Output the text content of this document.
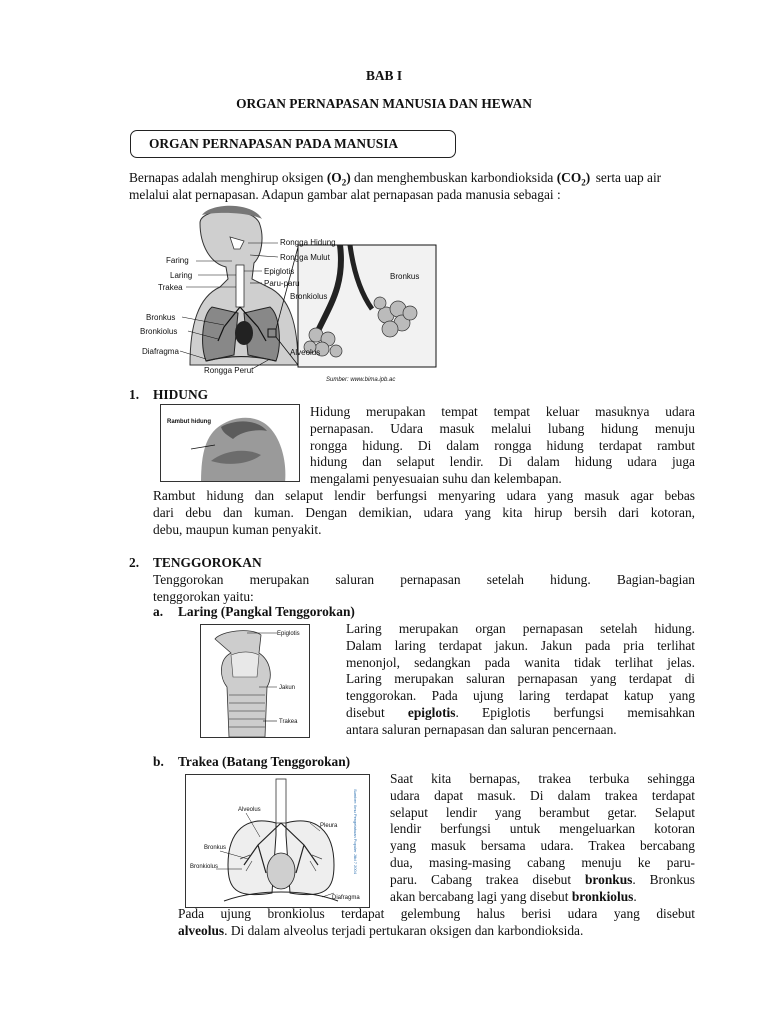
BAB I
ORGAN PERNAPASAN MANUSIA DAN HEWAN
ORGAN PERNAPASAN PADA MANUSIA
Bernapas adalah menghirup oksigen $(O_2)$ dan menghembuskan karbondioksida $(CO_2)$ serta uap air melalui alat pernapasan. Adapun gambar alat pernapasan pada manusia sebagai :
Rongga Hidung
Faring	Rongga Mulut
Laring	Epiglotis
Trakea	Paru-paru
Bronkus
Bronkiolus
Bronkus
Bronkiolus
Diafragma	Alveolus
Rongga Perut
Sumber: www.bima.ipb.ac
1. HIDUNG
Rambut hidung
Hidung merupakan tempat tempat keluar masuknya udara
pernapasan. Udara masuk melalui lubang hidung menuju
rongga hidung. Di dalam rongga hidung terdapat rambut
hidung dan selaput lendir. Di dalam hidung udara juga
mengalami penyesuaian suhu dan kelembapan.
Rambut hidung dan selaput lendir berfungsi menyaring udara yang masuk agar bebas
dari debu dan kuman. Dengan demikian, udara yang kita hirup bersih dari kotoran,
debu, maupun kuman penyakit.
2. TENGGOROKAN
Tenggorokan merupakan saluran pernapasan setelah hidung. Bagian-bagian
tenggorokan yaitu:
a. Laring (Pangkal Tenggorokan)
Epiglotis
Jakun
Trakea
Laring merupakan organ pernapasan setelah hidung.
Dalam laring terdapat jakun. Jakun pada pria terlihat
menonjol, sedangkan pada wanita tidak terlihat jelas.
Laring merupakan saluran pernapasan yang terdapat di
tenggorokan. Pada ujung laring terdapat katup yang
disebut epiglotis. Epiglotis berfungsi memisahkan
antara saluran pernapasan dan saluran pencernaan.
b. Trakea (Batang Tenggorokan)
Alveolus
Pleura
Bronkus
Bronkiolus
Diafragma
Sumber: Ilmu Pengetahuan Populer Jilid 7 2004
Saat kita bernapas, trakea terbuka sehingga
udara dapat masuk. Di dalam trakea terdapat
selaput lendir yang berambut getar. Selaput
lendir berfungsi untuk mengeluarkan kotoran
yang masuk bersama udara. Trakea bercabang
dua, masing-masing cabang menuju ke paru-
paru. Cabang trakea disebut bronkus. Bronkus
akan bercabang lagi yang disebut bronkiolus.
Pada ujung bronkiolus terdapat gelembung halus berisi udara yang disebut
alveolus. Di dalam alveolus terjadi pertukaran oksigen dan karbondioksida.
